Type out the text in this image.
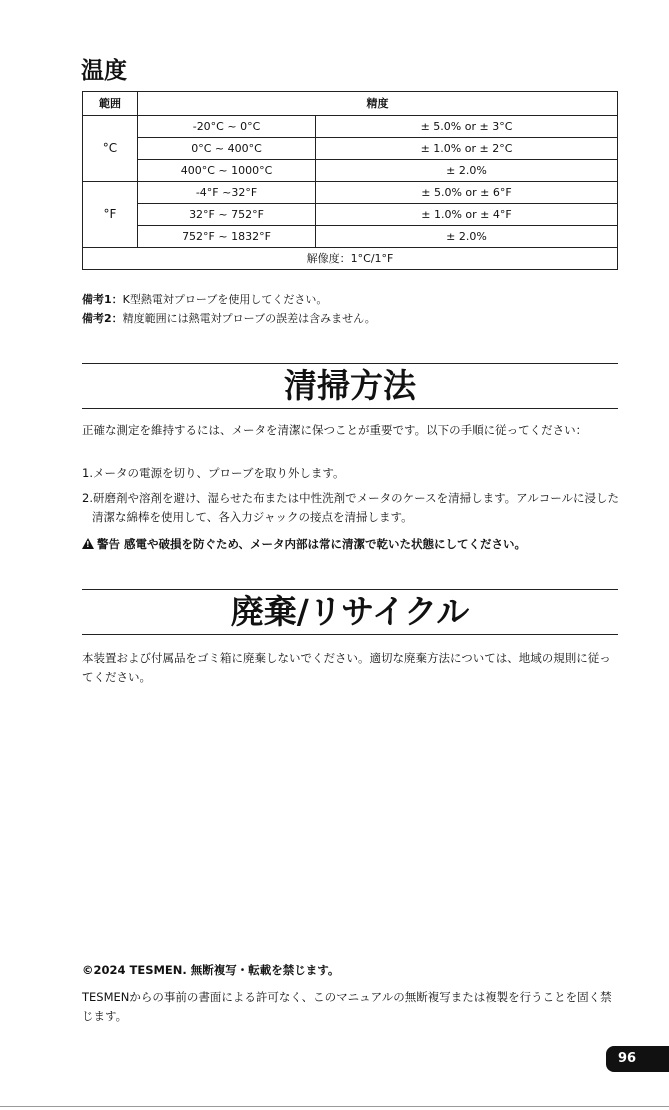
温度
範囲	精度	
°C	-20°C ~ 0°C	± 5.0% or ± 3°C
	0°C ~ 400°C	± 1.0% or ± 2°C
	400°C ~ 1000°C	± 2.0%
°F	-4°F ~32°F	± 5.0% or ± 6°F
	32°F ~ 752°F	± 1.0% or ± 4°F
	752°F ~ 1832°F	± 2.0%
解像度：1°C/1°F		
備考1：K型熱電対プローブを使用してください。
備考2：精度範囲には熱電対プローブの誤差は含みません。
清掃方法

正確な測定を維持するには、メータを清潔に保つことが重要です。以下の手順に従ってください：

1.メータの電源を切り、プローブを取り外します。

2.研磨剤や溶剤を避け、湿らせた布または中性洗剤でメータのケースを清掃します。アルコールに浸した清潔な綿棒を使用して、各入力ジャックの接点を清掃します。

!警告 感電や破損を防ぐため、メータ内部は常に清潔で乾いた状態にしてください。

廃棄/リサイクル

本装置および付属品をゴミ箱に廃棄しないでください。適切な廃棄方法については、地域の規則に従ってください。

©2024 TESMEN. 無断複写・転載を禁じます。

TESMENからの事前の書面による許可なく、このマニュアルの無断複写または複製を行うことを固く禁じます。

96
